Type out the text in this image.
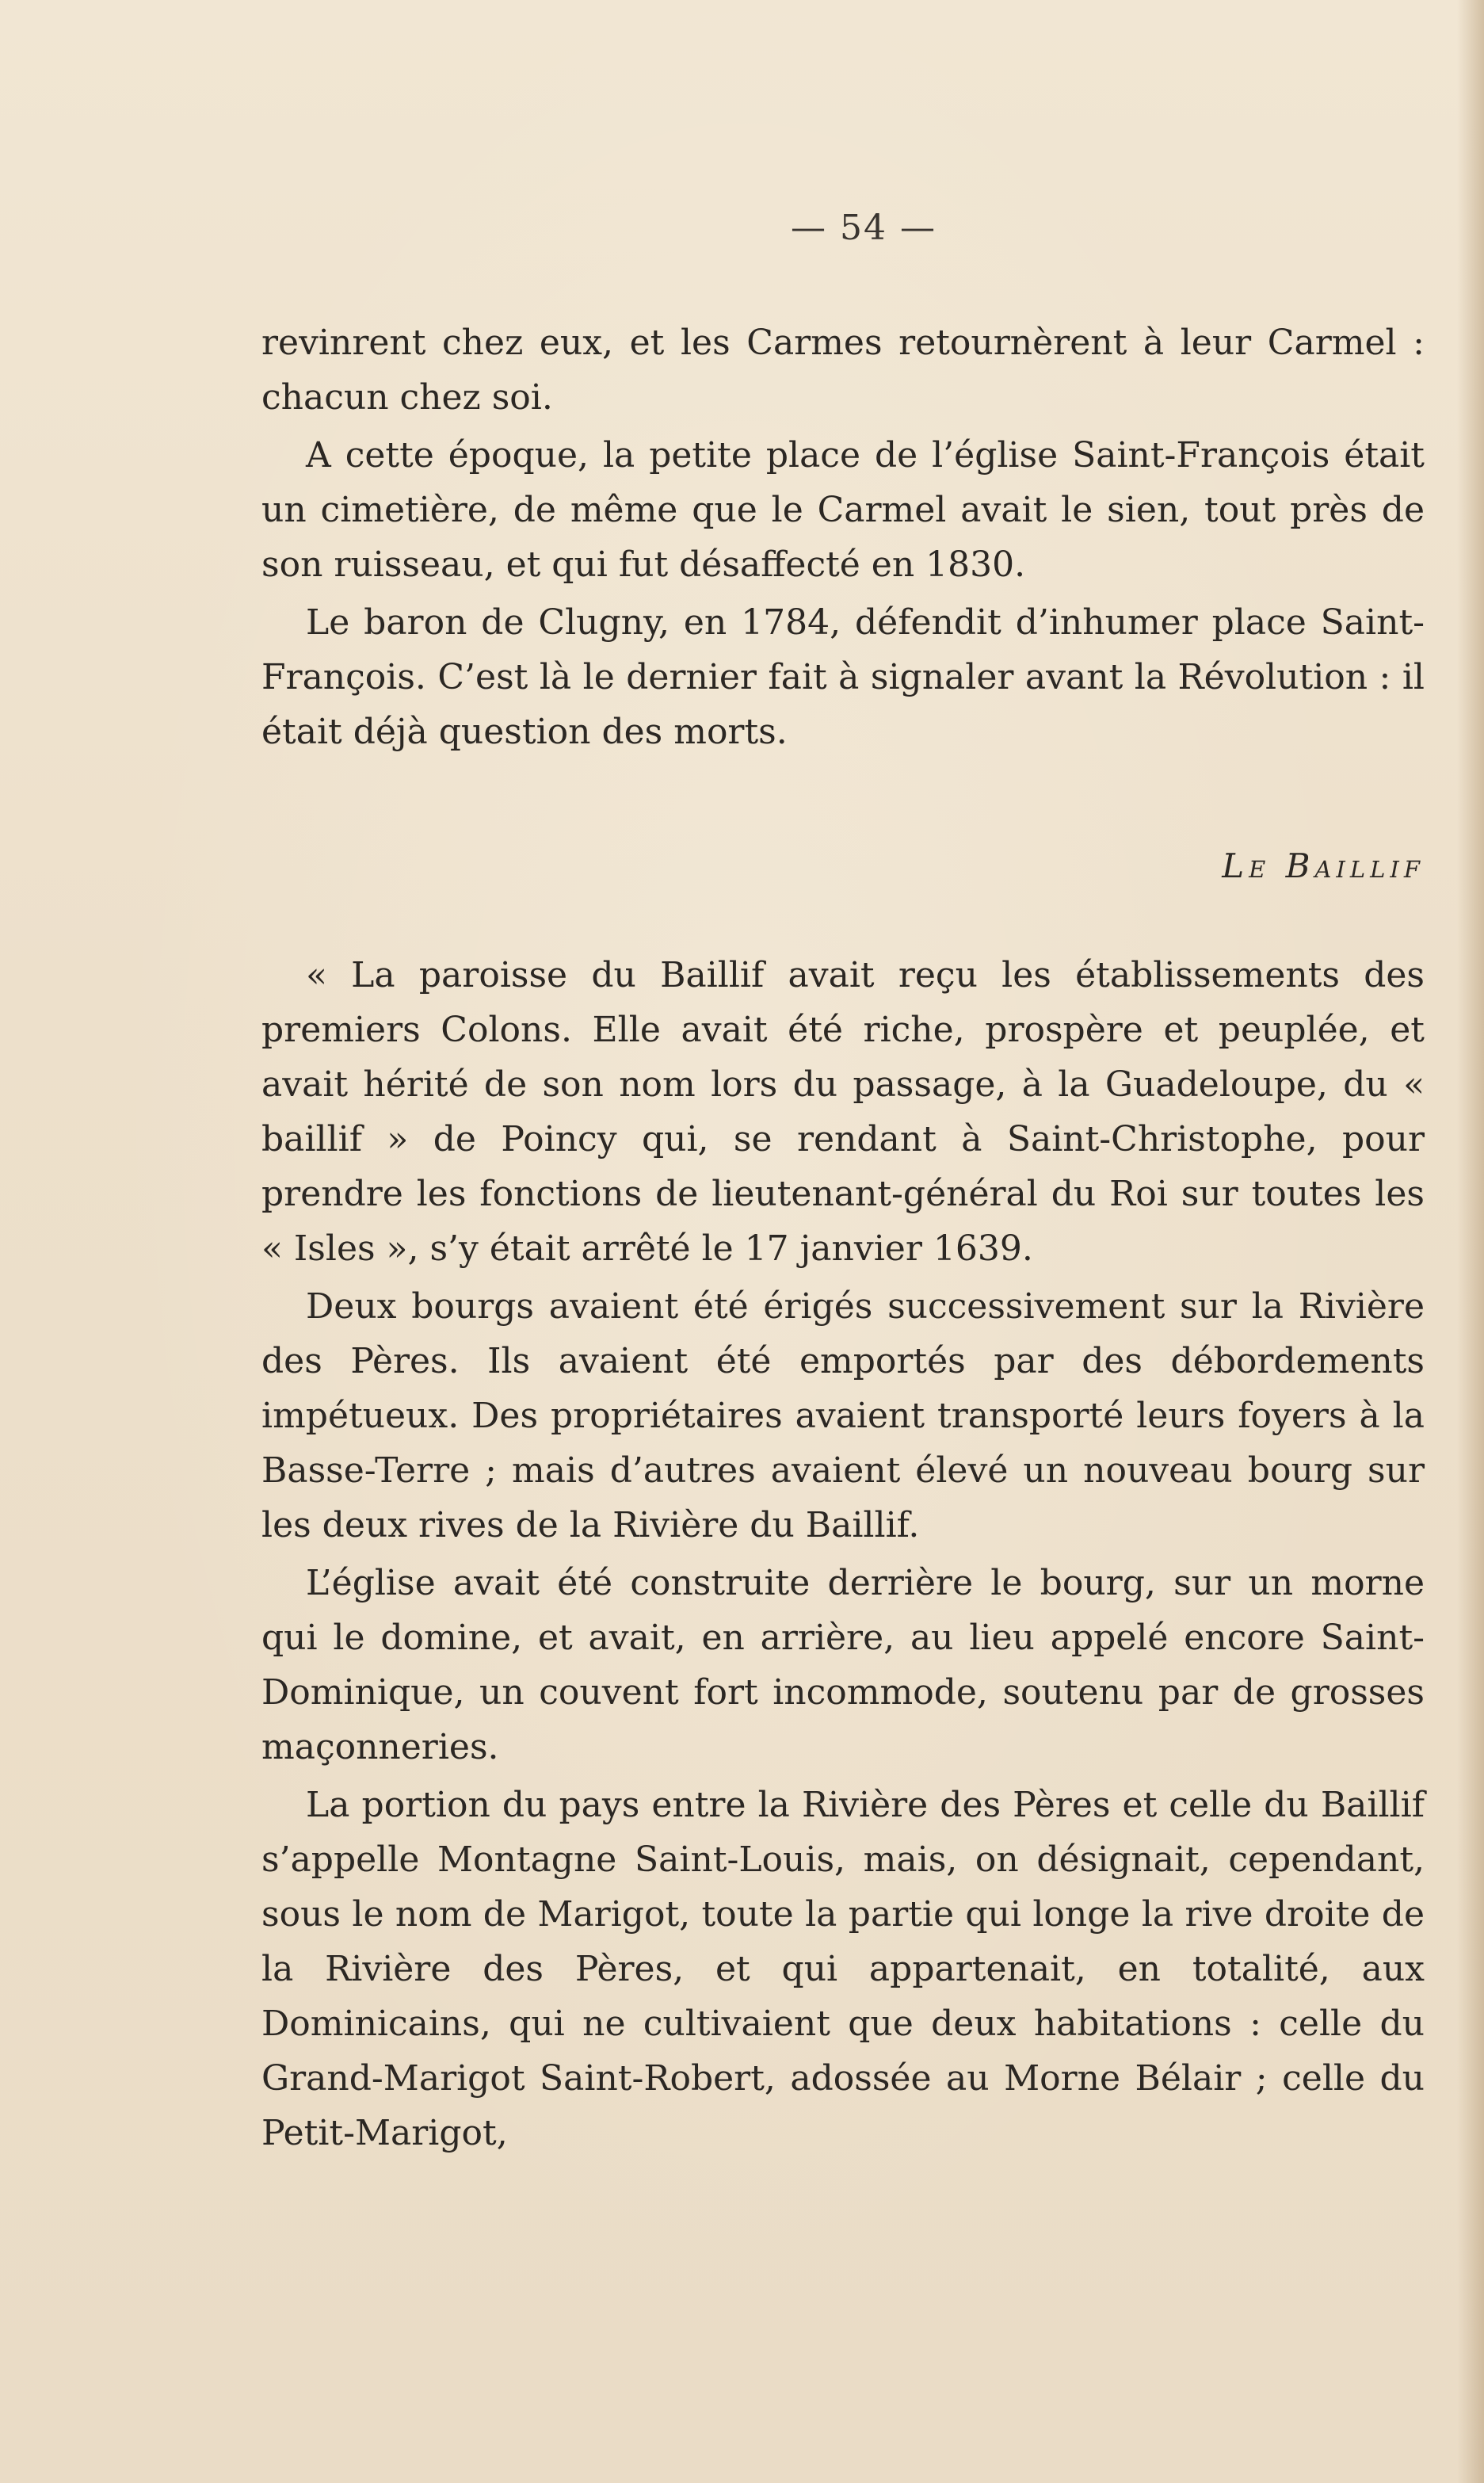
— 54 —

revinrent chez eux, et les Carmes retournèrent à leur Carmel : chacun chez soi.

A cette époque, la petite place de l’église Saint-François était un cimetière, de même que le Carmel avait le sien, tout près de son ruisseau, et qui fut désaffecté en 1830.

Le baron de Clugny, en 1784, défendit d’inhumer place Saint-François. C’est là le dernier fait à signaler avant la Révolution : il était déjà question des morts.

Le Baillif

« La paroisse du Baillif avait reçu les établissements des premiers Colons. Elle avait été riche, prospère et peuplée, et avait hérité de son nom lors du passage, à la Guadeloupe, du « baillif » de Poincy qui, se rendant à Saint-Christophe, pour prendre les fonctions de lieutenant-général du Roi sur toutes les « Isles », s’y était arrêté le 17 janvier 1639.

Deux bourgs avaient été érigés successivement sur la Rivière des Pères. Ils avaient été emportés par des débordements impétueux. Des propriétaires avaient transporté leurs foyers à la Basse-Terre ; mais d’autres avaient élevé un nouveau bourg sur les deux rives de la Rivière du Baillif.

L’église avait été construite derrière le bourg, sur un morne qui le domine, et avait, en arrière, au lieu appelé encore Saint-Dominique, un couvent fort incommode, soutenu par de grosses maçonneries.

La portion du pays entre la Rivière des Pères et celle du Baillif s’appelle Montagne Saint-Louis, mais, on désignait, cependant, sous le nom de Marigot, toute la partie qui longe la rive droite de la Rivière des Pères, et qui appartenait, en totalité, aux Dominicains, qui ne cultivaient que deux habitations : celle du Grand-Marigot Saint-Robert, adossée au Morne Bélair ; celle du Petit-Marigot,
